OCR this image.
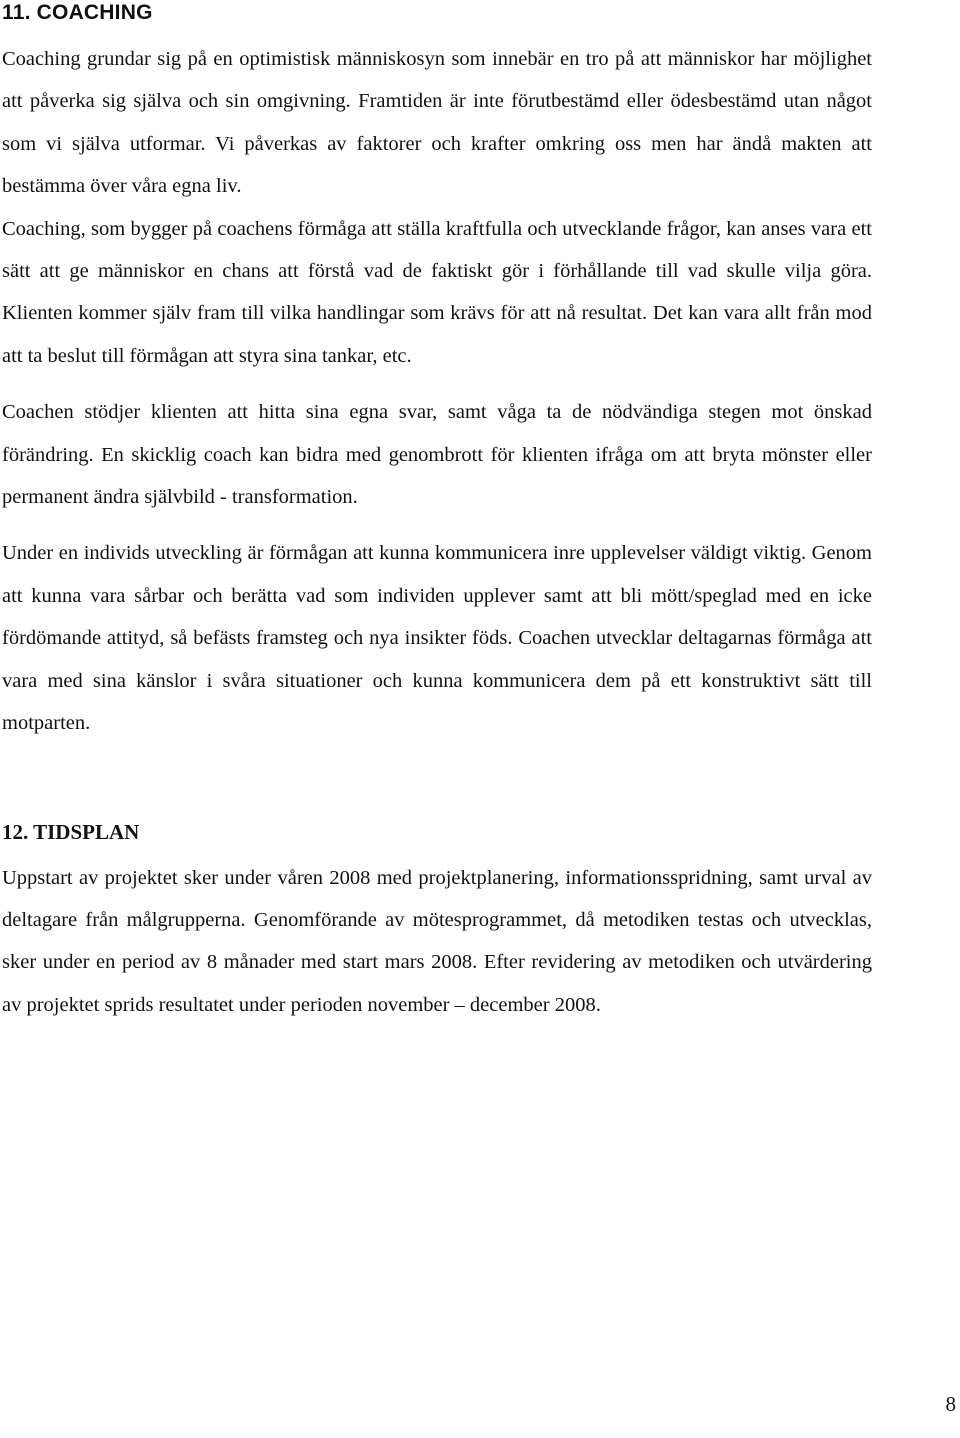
11. COACHING

Coaching grundar sig på en optimistisk människosyn som innebär en tro på att människor har möjlighet att påverka sig själva och sin omgivning. Framtiden är inte förutbestämd eller ödesbestämd utan något som vi själva utformar. Vi påverkas av faktorer och krafter omkring oss men har ändå makten att bestämma över våra egna liv.

Coaching, som bygger på coachens förmåga att ställa kraftfulla och utvecklande frågor, kan anses vara ett sätt att ge människor en chans att förstå vad de faktiskt gör i förhållande till vad skulle vilja göra. Klienten kommer själv fram till vilka handlingar som krävs för att nå resultat. Det kan vara allt från mod att ta beslut till förmågan att styra sina tankar, etc.

Coachen stödjer klienten att hitta sina egna svar, samt våga ta de nödvändiga stegen mot önskad förändring. En skicklig coach kan bidra med genombrott för klienten ifråga om att bryta mönster eller permanent ändra självbild - transformation.

Under en individs utveckling är förmågan att kunna kommunicera inre upplevelser väldigt viktig. Genom att kunna vara sårbar och berätta vad som individen upplever samt att bli mött/speglad med en icke fördömande attityd, så befästs framsteg och nya insikter föds. Coachen utvecklar deltagarnas förmåga att vara med sina känslor i svåra situationer och kunna kommunicera dem på ett konstruktivt sätt till motparten.

12. TIDSPLAN

Uppstart av projektet sker under våren 2008 med projektplanering, informationsspridning, samt urval av deltagare från målgrupperna. Genomförande av mötesprogrammet, då metodiken testas och utvecklas, sker under en period av 8 månader med start mars 2008. Efter revidering av metodiken och utvärdering av projektet sprids resultatet under perioden november – december 2008.

8
